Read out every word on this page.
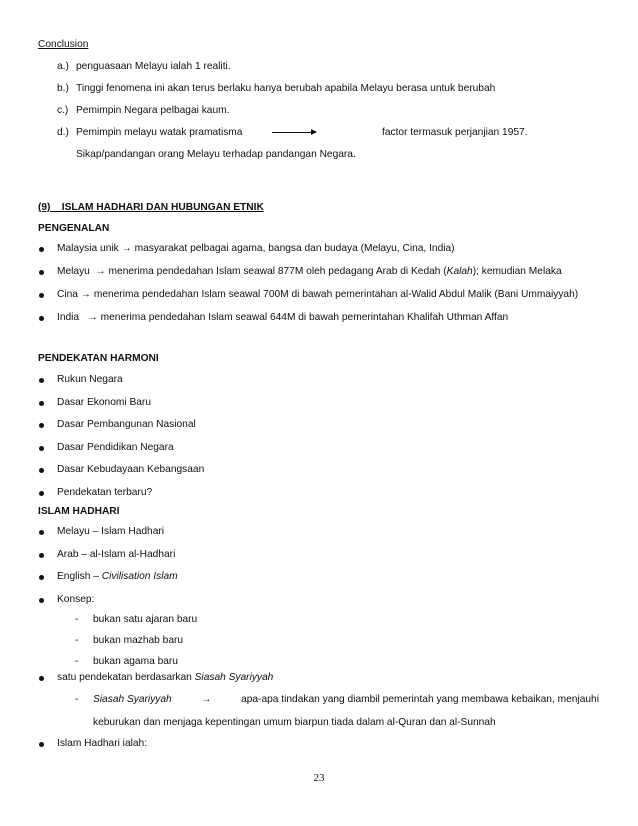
Conclusion
a.) penguasaan Melayu ialah 1 realiti.
b.) Tinggi fenomena ini akan terus berlaku hanya berubah apabila Melayu berasa untuk berubah
c.) Pemimpin Negara pelbagai kaum.
d.) Pemimpin melayu watak pramatisma	factor termasuk perjanjian 1957.
Sikap/pandangan orang Melayu terhadap pandangan Negara.
(9)    ISLAM HADHARI DAN HUBUNGAN ETNIK
PENGENALAN
Malaysia unik → masyarakat pelbagai agama, bangsa dan budaya (Melayu, Cina, India)
Melayu → menerima pendedahan Islam seawal 877M oleh pedagang Arab di Kedah (Kalah); kemudian Melaka
Cina → menerima pendedahan Islam seawal 700M di bawah pemerintahan al-Walid Abdul Malik (Bani Ummaiyyah)
India → menerima pendedahan Islam seawal 644M di bawah pemerintahan Khalifah Uthman Affan
PENDEKATAN HARMONI
Rukun Negara
Dasar Ekonomi Baru
Dasar Pembangunan Nasional
Dasar Pendidikan Negara
Dasar Kebudayaan Kebangsaan
Pendekatan terbaru?
ISLAM HADHARI
Melayu – Islam Hadhari
Arab – al-Islam al-Hadhari
English – Civilisation Islam
Konsep:
- bukan satu ajaran baru
- bukan mazhab baru
- bukan agama baru
satu pendekatan berdasarkan Siasah Syariyyah
- Siasah Syariyyah	→	apa-apa tindakan yang diambil pemerintah yang membawa kebaikan, menjauhi
keburukan dan menjaga kepentingan umum biarpun tiada dalam al-Quran dan al-Sunnah
Islam Hadhari ialah:
23
